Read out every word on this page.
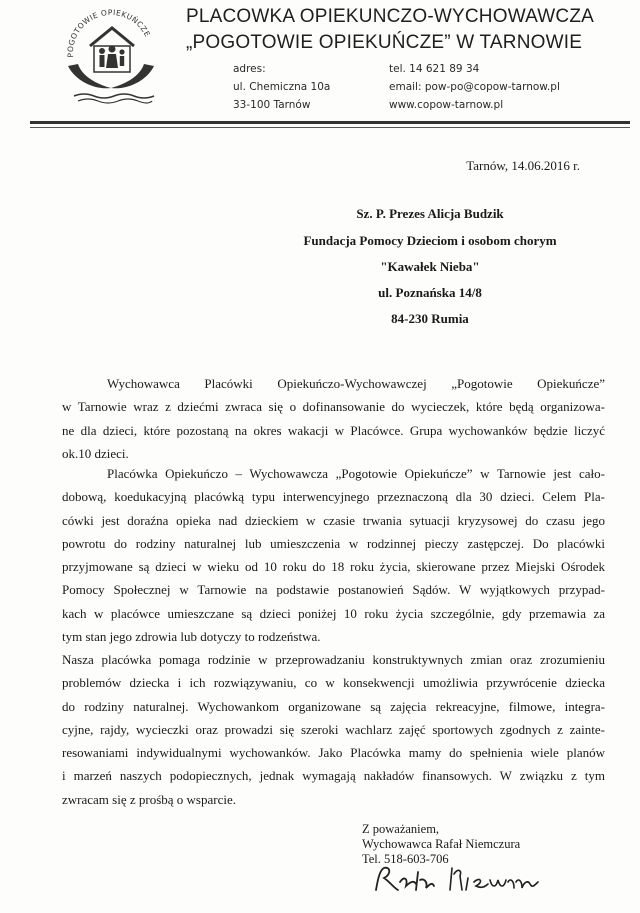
POGOTOWIE OPIEKUŃCZE
PLACOWKA OPIEKUNCZO-WYCHOWAWCZA
„POGOTOWIE OPIEKUŃCZE” W TARNOWIE
adres:
ul. Chemiczna 10a
33-100 Tarnów
tel. 14 621 89 34
email: pow-po@copow-tarnow.pl
www.copow-tarnow.pl
Tarnów, 14.06.2016 r.
Sz. P. Prezes Alicja Budzik
Fundacja Pomocy Dzieciom i osobom chorym
"Kawałek Nieba"
ul. Poznańska 14/8
84-230 Rumia
Wychowawca Placówki Opiekuńczo-Wychowawczej „Pogotowie Opiekuńcze”
w Tarnowie wraz z dziećmi zwraca się o dofinansowanie do wycieczek, które będą organizowa-
ne dla dzieci, które pozostaną na okres wakacji w Placówce. Grupa wychowanków będzie liczyć
ok.10 dzieci.
Placówka Opiekuńczo – Wychowawcza „Pogotowie Opiekuńcze” w Tarnowie jest cało-
dobową, koedukacyjną placówką typu interwencyjnego przeznaczoną dla 30 dzieci. Celem Pla-
cówki jest doraźna opieka nad dzieckiem w czasie trwania sytuacji kryzysowej do czasu jego
powrotu do rodziny naturalnej lub umieszczenia w rodzinnej pieczy zastępczej. Do placówki
przyjmowane są dzieci w wieku od 10 roku do 18 roku życia, skierowane przez Miejski Ośrodek
Pomocy Społecznej w Tarnowie na podstawie postanowień Sądów. W wyjątkowych przypad-
kach w placówce umieszczane są dzieci poniżej 10 roku życia szczególnie, gdy przemawia za
tym stan jego zdrowia lub dotyczy to rodzeństwa.
Nasza placówka pomaga rodzinie w przeprowadzaniu konstruktywnych zmian oraz zrozumieniu
problemów dziecka i ich rozwiązywaniu, co w konsekwencji umożliwia przywrócenie dziecka
do rodziny naturalnej. Wychowankom organizowane są zajęcia rekreacyjne, filmowe, integra-
cyjne, rajdy, wycieczki oraz prowadzi się szeroki wachlarz zajęć sportowych zgodnych z zainte-
resowaniami indywidualnymi wychowanków. Jako Placówka mamy do spełnienia wiele planów
i marzeń naszych podopiecznych, jednak wymagają nakładów finansowych. W związku z tym
zwracam się z prośbą o wsparcie.
Z poważaniem,
Wychowawca Rafał Niemczura
Tel. 518-603-706
